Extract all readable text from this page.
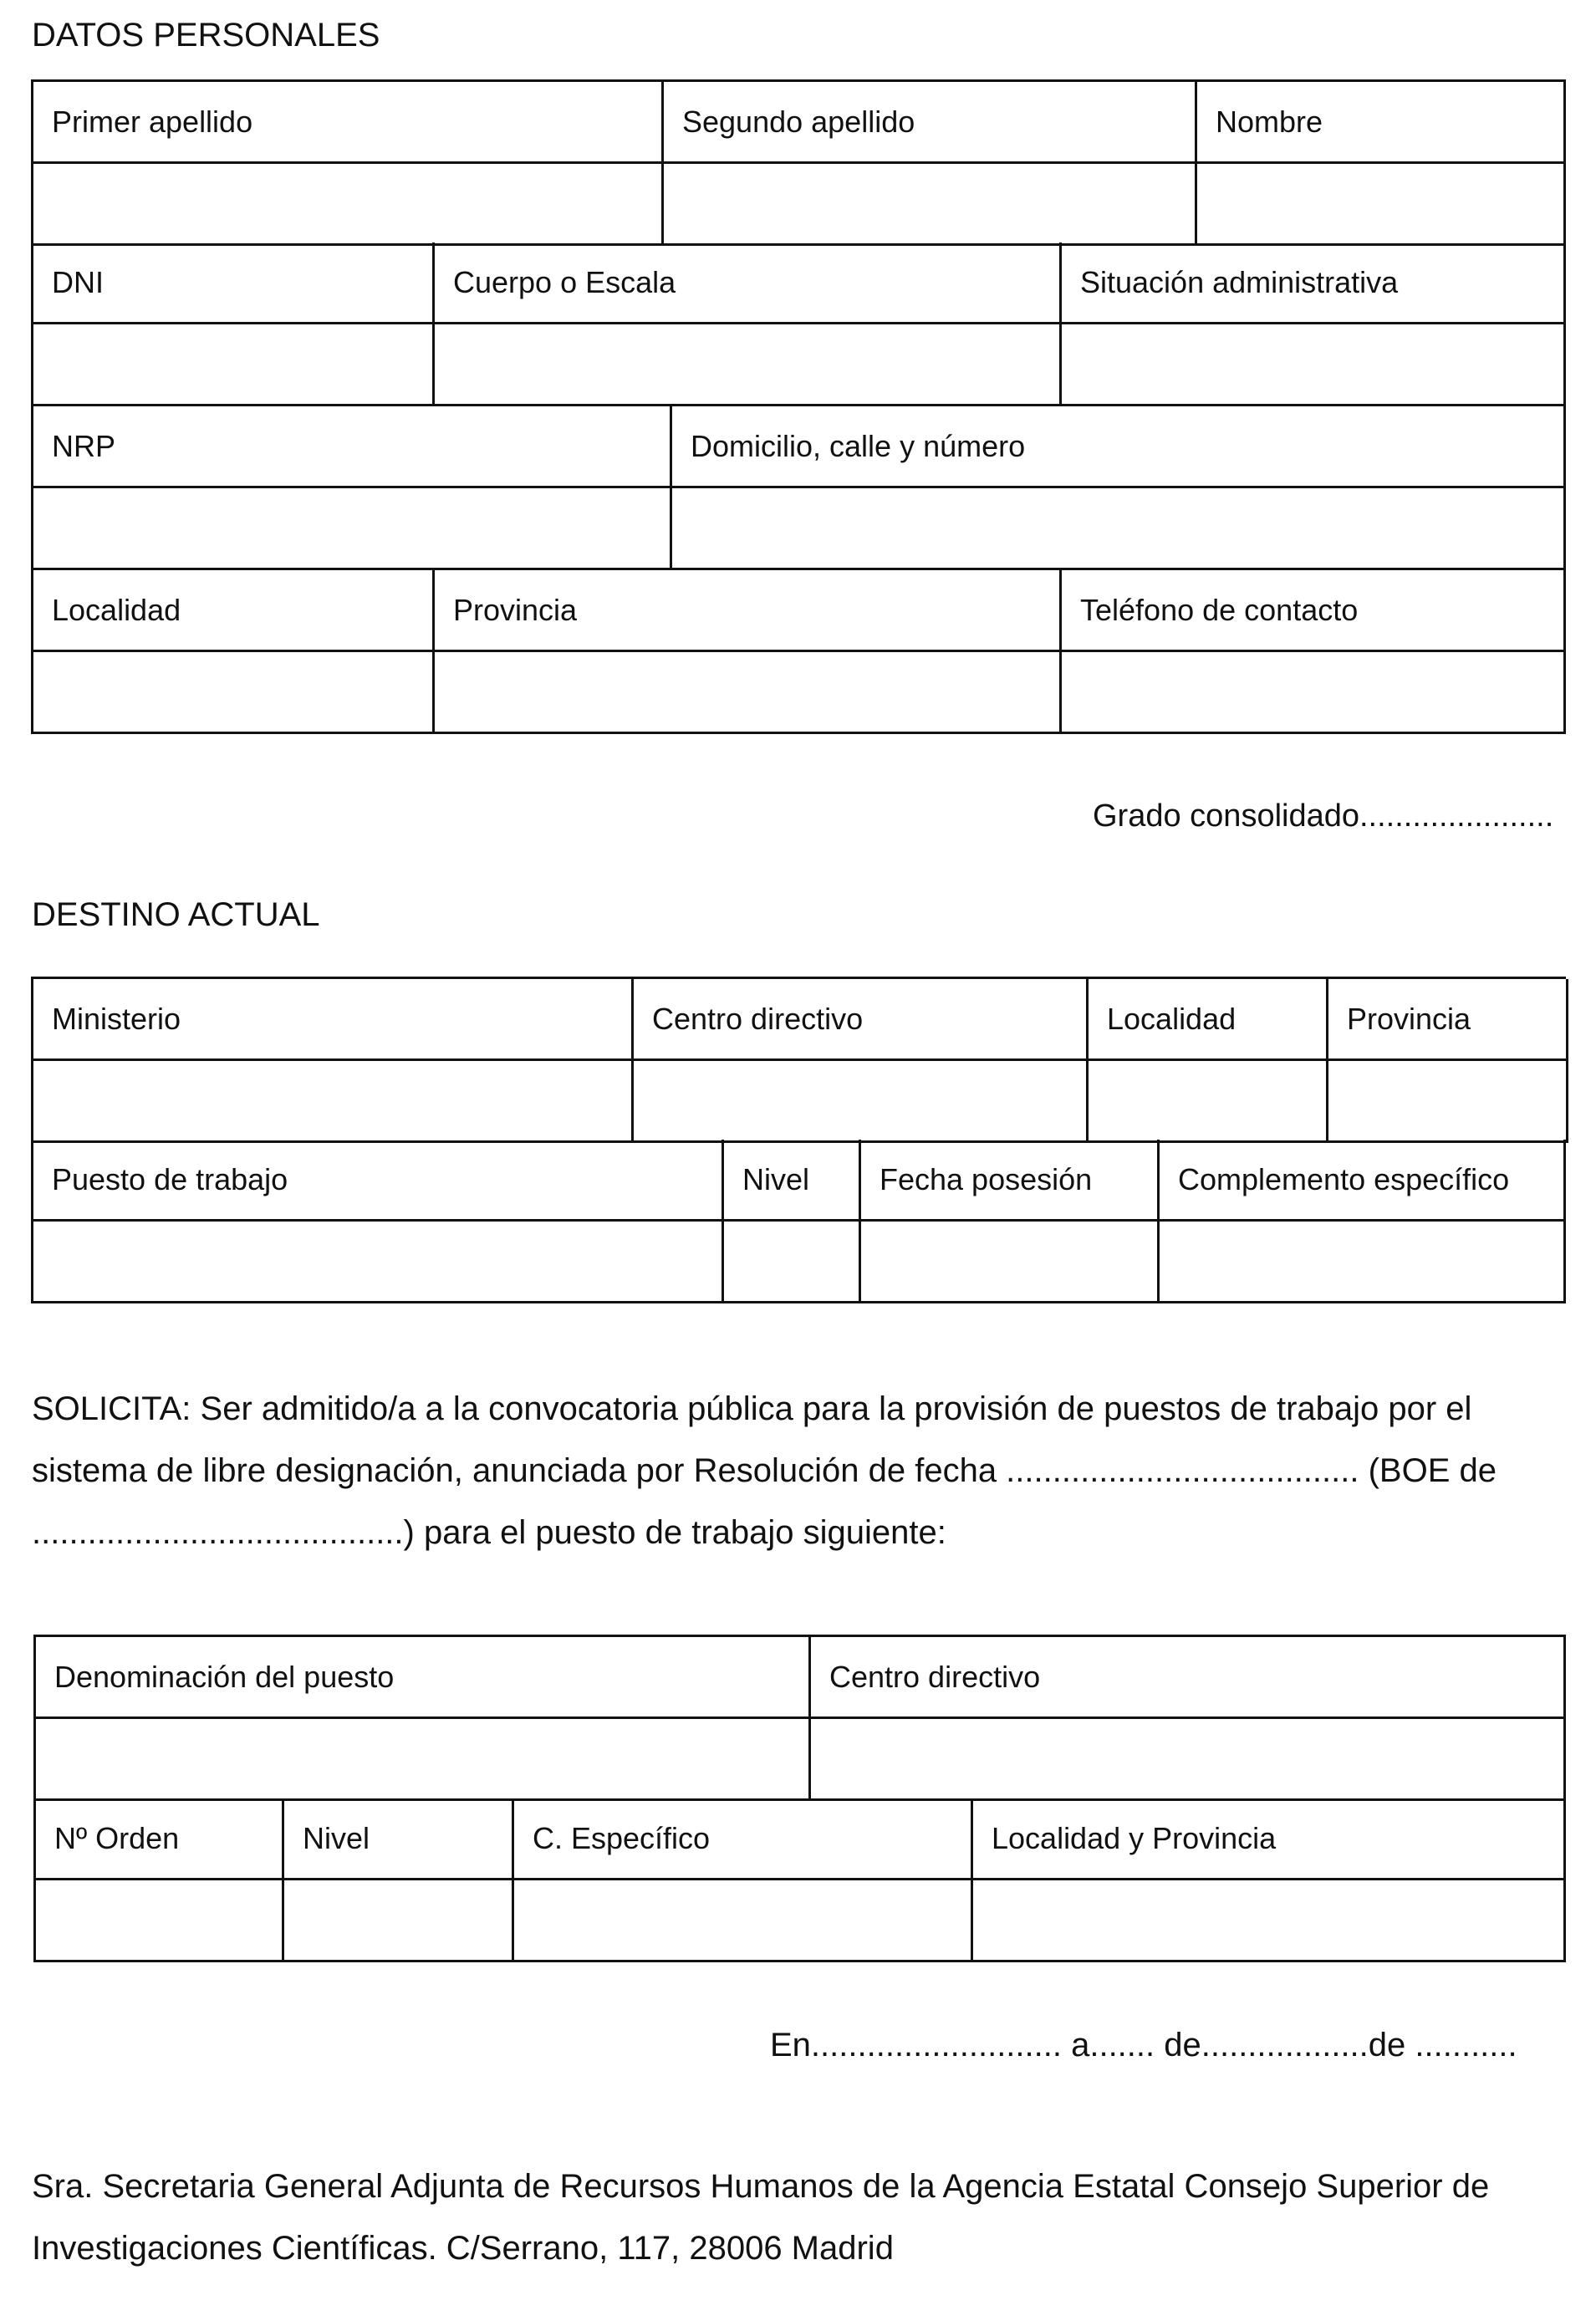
DATOS PERSONALES
Primer apellido	Segundo apellido	Nombre
DNI	Cuerpo o Escala	Situación administrativa
NRP	Domicilio, calle y número
Localidad	Provincia	Teléfono de contacto
Grado consolidado......................
DESTINO ACTUAL
Ministerio	Centro directivo	Localidad	Provincia
Puesto de trabajo	Nivel	Fecha posesión	Complemento específico
SOLICITA: Ser admitido/a a la convocatoria pública para la provisión de puestos de trabajo por el
sistema de libre designación, anunciada por Resolución de fecha ...................................... (BOE de
........................................) para el puesto de trabajo siguiente:
Denominación del puesto	Centro directivo
Nº Orden	Nivel	C. Específico	Localidad y Provincia
En........................... a....... de..................de ...........
Sra. Secretaria General Adjunta de Recursos Humanos de la Agencia Estatal Consejo Superior de
Investigaciones Científicas. C/Serrano, 117, 28006 Madrid
